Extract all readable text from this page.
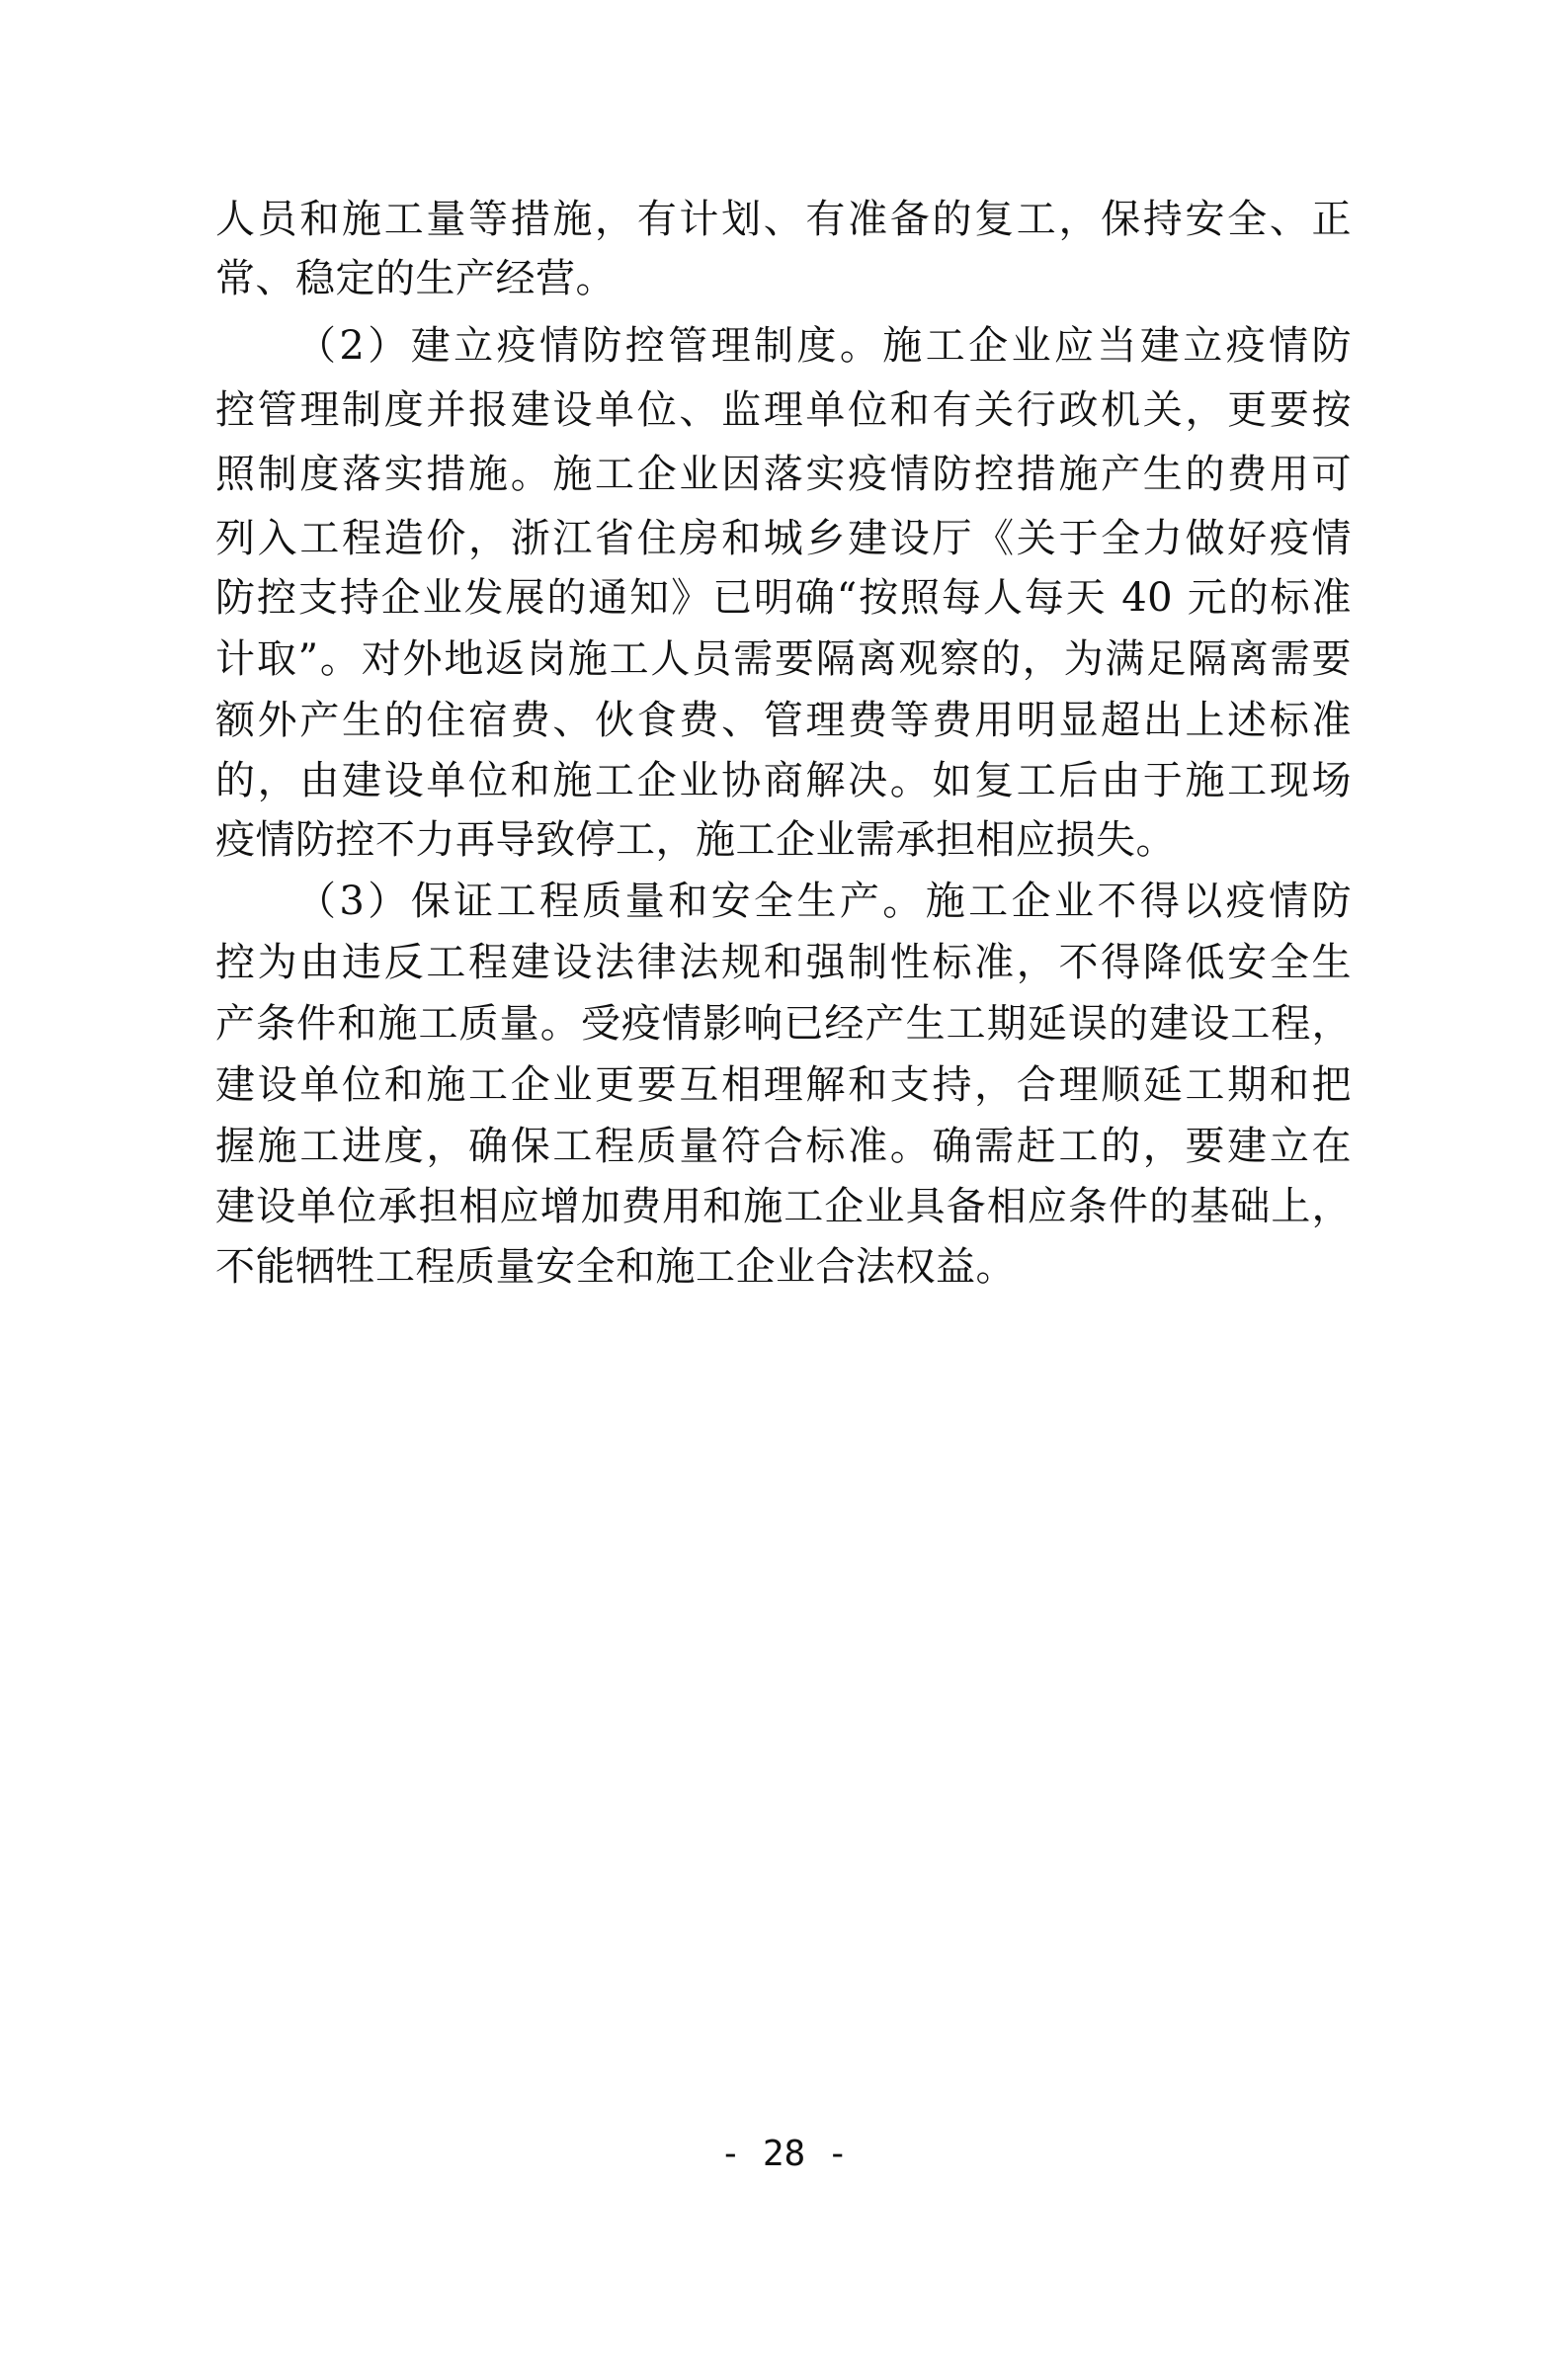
人员和施工量等措施，有计划、有准备的复工，保持安全、正
常、稳定的生产经营。
（2）建立疫情防控管理制度。施工企业应当建立疫情防
控管理制度并报建设单位、监理单位和有关行政机关，更要按
照制度落实措施。施工企业因落实疫情防控措施产生的费用可
列入工程造价，浙江省住房和城乡建设厅《关于全力做好疫情
防控支持企业发展的通知》已明确“按照每人每天 40 元的标准
计取”。对外地返岗施工人员需要隔离观察的，为满足隔离需要
额外产生的住宿费、伙食费、管理费等费用明显超出上述标准
的，由建设单位和施工企业协商解决。如复工后由于施工现场
疫情防控不力再导致停工，施工企业需承担相应损失。
（3）保证工程质量和安全生产。施工企业不得以疫情防
控为由违反工程建设法律法规和强制性标准，不得降低安全生
产条件和施工质量。受疫情影响已经产生工期延误的建设工程，
建设单位和施工企业更要互相理解和支持，合理顺延工期和把
握施工进度，确保工程质量符合标准。确需赶工的，要建立在
建设单位承担相应增加费用和施工企业具备相应条件的基础上，
不能牺牲工程质量安全和施工企业合法权益。
- 28 -
